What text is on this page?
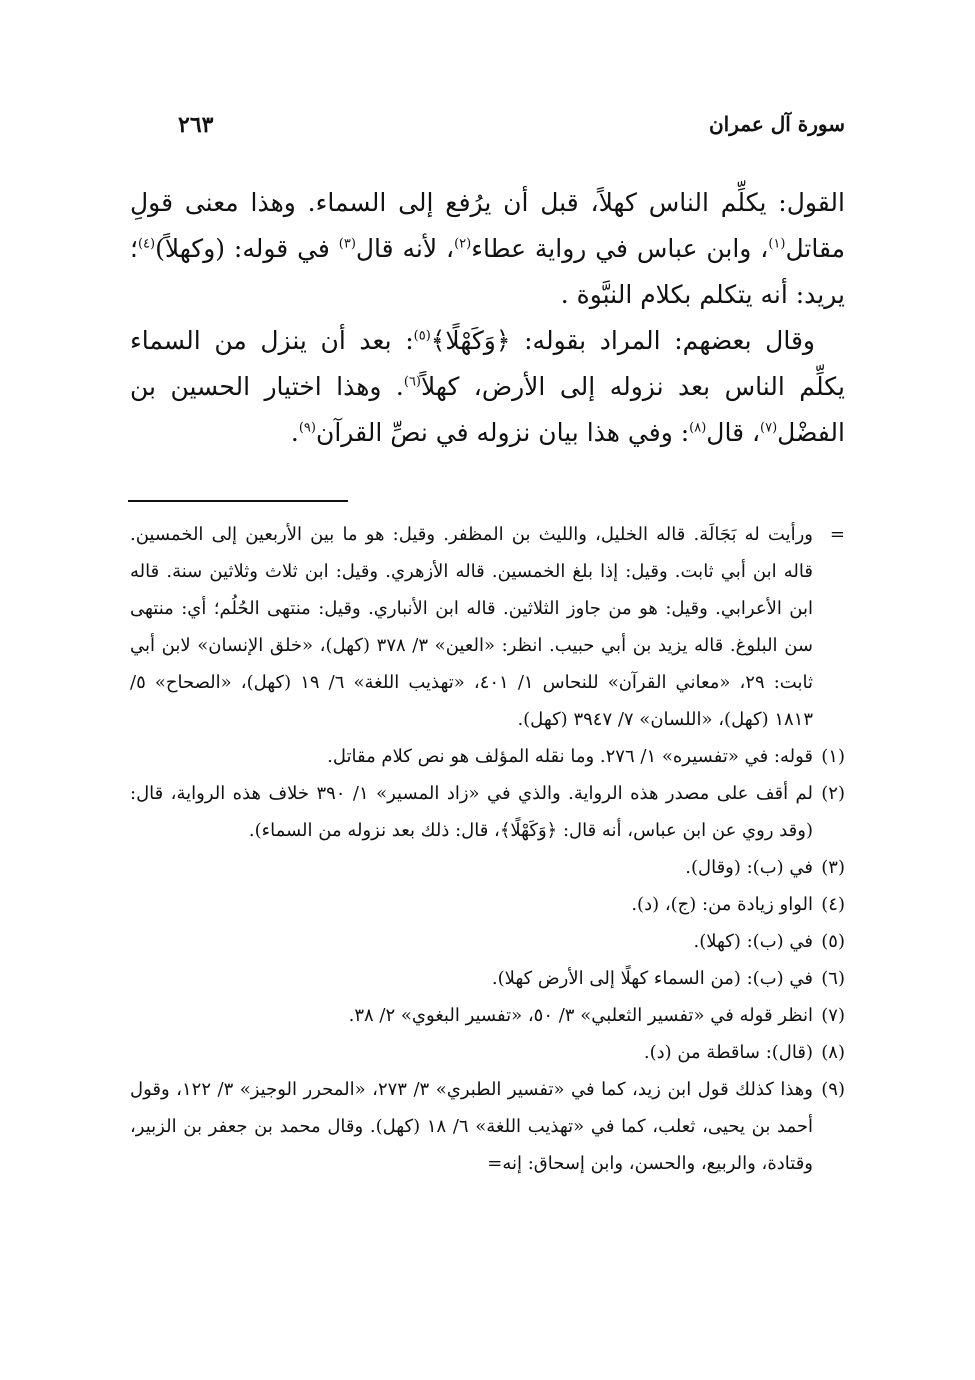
سورة آل عمران
٢٦٣

القول: يكلِّم الناس كهلاً، قبل أن يرُفع إلى السماء. وهذا معنى قولِ مقاتل$^{(١)}$، وابن عباس في رواية عطاء$^{(٢)}$، لأنه قال$^{(٣)}$ في قوله: (وكهلاً)$^{(٤)}$؛ يريد: أنه يتكلم بكلام النبَّوة .

وقال بعضهم: المراد بقوله: ﴿وَكَهْلًا﴾$^{(٥)}$: بعد أن ينزل من السماء يكلِّم الناس بعد نزوله إلى الأرض، كهلاً$^{(٦)}$. وهذا اختيار الحسين بن الفضْل$^{(٧)}$، قال$^{(٨)}$: وفي هذا بيان نزوله في نصِّ القرآن$^{(٩)}$.

=
ورأيت له بَجَالَة. قاله الخليل، والليث بن المظفر. وقيل: هو ما بين الأربعين إلى الخمسين. قاله ابن أبي ثابت. وقيل: إذا بلغ الخمسين. قاله الأزهري. وقيل: ابن ثلاث وثلاثين سنة. قاله ابن الأعرابي. وقيل: هو من جاوز الثلاثين. قاله ابن الأنباري. وقيل: منتهى الحُلُم؛ أي: منتهى سن البلوغ. قاله يزيد بن أبي حبيب. انظر: «العين» ٣/ ٣٧٨ (كهل)، «خلق الإنسان» لابن أبي ثابت: ٢٩، «معاني القرآن» للنحاس ١/ ٤٠١، «تهذيب اللغة» ٦/ ١٩ (كهل)، «الصحاح» ٥/ ١٨١٣ (كهل)، «اللسان» ٧/ ٣٩٤٧ (كهل).
(١)
قوله: في «تفسيره» ١/ ٢٧٦. وما نقله المؤلف هو نص كلام مقاتل.
(٢)
لم أقف على مصدر هذه الرواية. والذي في «زاد المسير» ١/ ٣٩٠ خلاف هذه الرواية، قال: (وقد روي عن ابن عباس، أنه قال: ﴿وَكَهْلًا﴾، قال: ذلك بعد نزوله من السماء).
(٣)
في (ب): (وقال).
(٤)
الواو زيادة من: (ج)، (د).
(٥)
في (ب): (كهلا).
(٦)
في (ب): (من السماء كهلًا إلى الأرض كهلا).
(٧)
انظر قوله في «تفسير الثعلبي» ٣/ ٥٠، «تفسير البغوي» ٢/ ٣٨.
(٨)
(قال): ساقطة من (د).
(٩)
وهذا كذلك قول ابن زيد، كما في «تفسير الطبري» ٣/ ٢٧٣، «المحرر الوجيز» ٣/ ١٢٢، وقول أحمد بن يحيى، ثعلب، كما في «تهذيب اللغة» ٦/ ١٨ (كهل). وقال محمد بن جعفر بن الزبير، وقتادة، والربيع، والحسن، وابن إسحاق: إنه=
